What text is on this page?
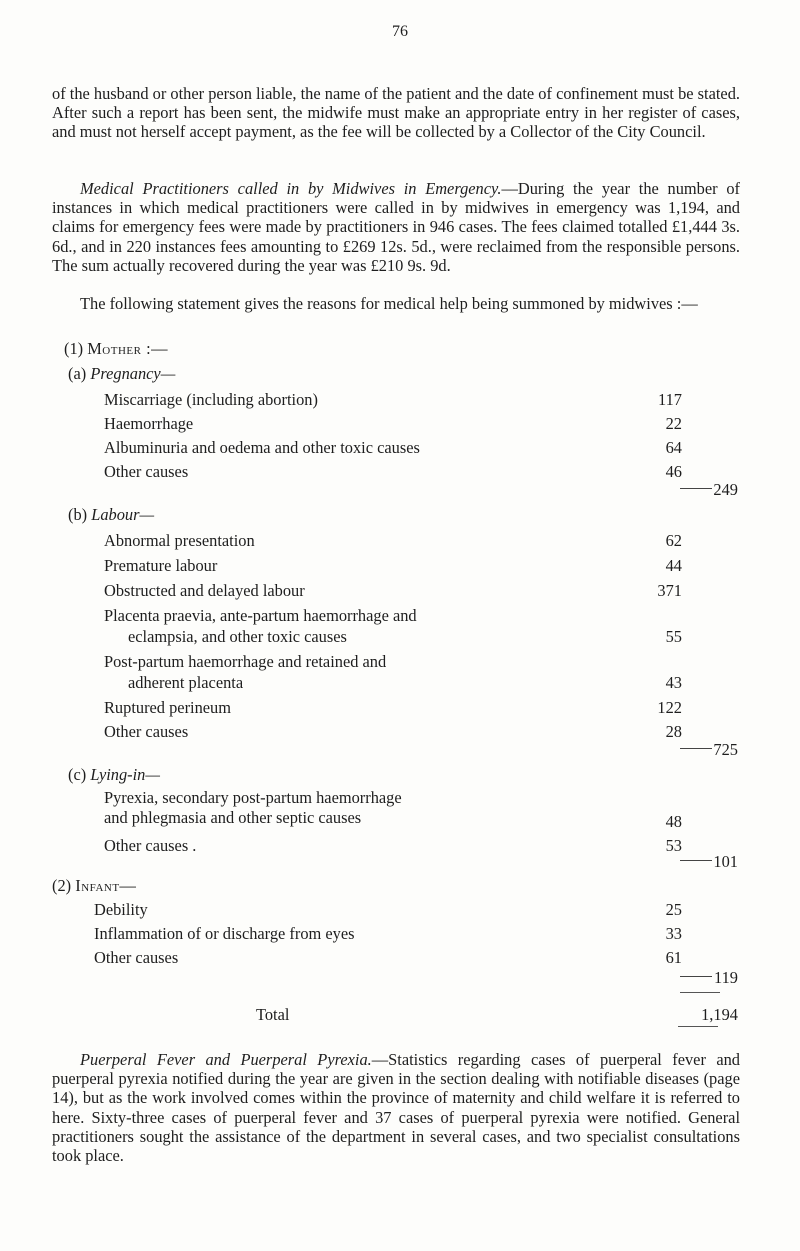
76

of the husband or other person liable, the name of the patient and the date of confinement must be stated. After such a report has been sent, the midwife must make an appropriate entry in her register of cases, and must not herself accept payment, as the fee will be collected by a Collector of the City Council.

Medical Practitioners called in by Midwives in Emergency.—During the year the number of instances in which medical practitioners were called in by midwives in emergency was 1,194, and claims for emergency fees were made by practitioners in 946 cases. The fees claimed totalled £1,444 3s. 6d., and in 220 instances fees amounting to £269 12s. 5d., were reclaimed from the responsible persons. The sum actually recovered during the year was £210 9s. 9d.

The following statement gives the reasons for medical help being summoned by midwives :—

(1) Mother :—
(a) Pregnancy—
Miscarriage (including abortion)	117
Haemorrhage	22
Albuminuria and oedema and other toxic causes	64
Other causes	46
249
(b) Labour—
Abnormal presentation	62
Premature labour	44
Obstructed and delayed labour	371
Placenta praevia, ante-partum haemorrhage and
eclampsia, and other toxic causes	55
Post-partum haemorrhage and retained and
adherent placenta	43
Ruptured perineum	122
Other causes	28
725
(c) Lying-in—
Pyrexia, secondary post-partum haemorrhage
and phlegmasia and other septic causes	48
Other causes .	53
101
(2) Infant—
Debility	25
Inflammation of or discharge from eyes	33
Other causes	61
119
Total	1,194

Puerperal Fever and Puerperal Pyrexia.—Statistics regarding cases of puerperal fever and puerperal pyrexia notified during the year are given in the section dealing with notifiable diseases (page 14), but as the work involved comes within the province of maternity and child welfare it is referred to here. Sixty-three cases of puerperal fever and 37 cases of puerperal pyrexia were notified. General practitioners sought the assistance of the department in several cases, and two specialist consultations took place.
